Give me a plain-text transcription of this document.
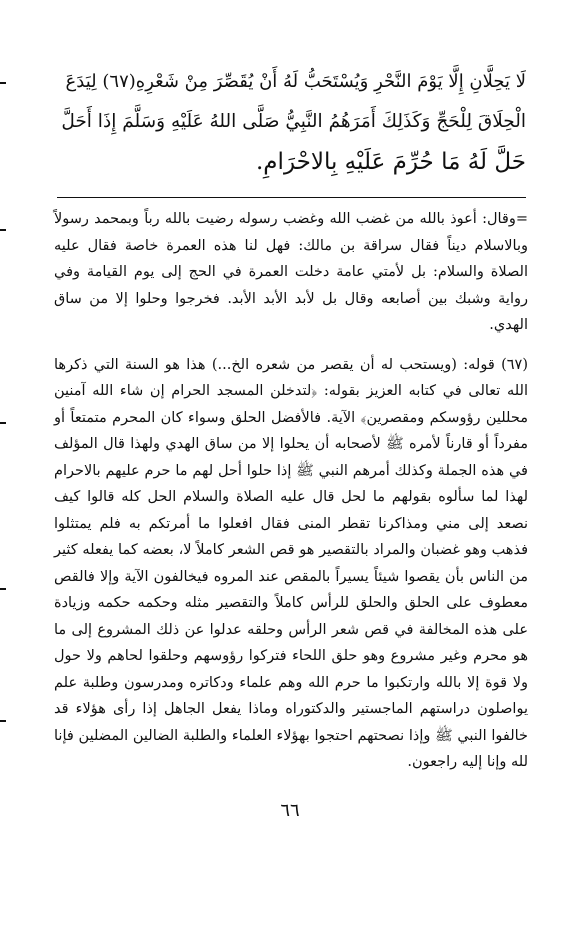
لَا يَحِلَّانِ إِلَّا يَوْمَ النَّحْرِ وَيُسْتَحَبُّ لَهُ أَنْ يُقَصِّرَ مِنْ شَعْرِهِ(٦٧) لِيَدَعَ
الْحِلَاقَ لِلْحَجِّ وَكَذَلِكَ أَمَرَهُمُ النَّبِيُّ صَلَّى اللهُ عَلَيْهِ وَسَلَّمَ إِذَا أَحَلَّ
حَلَّ لَهُ مَا حُرِّمَ عَلَيْهِ بِالاحْرَامِ.

=وقال: أعوذ بالله من غضب الله وغضب رسوله رضيت بالله رباً وبمحمد رسولاً وبالاسلام ديناً فقال سراقة بن مالك: فهل لنا هذه العمرة خاصة فقال عليه الصلاة والسلام: بل لأمتي عامة دخلت العمرة في الحج إلى يوم القيامة وفي رواية وشبك بين أصابعه وقال بل لأبد الأبد الأبد. فخرجوا وحلوا إلا من ساق الهدي.

(٦٧) قوله: (ويستحب له أن يقصر من شعره الخ...) هذا هو السنة التي ذكرها الله تعالى في كتابه العزيز بقوله: ﴿لتدخلن المسجد الحرام إن شاء الله آمنين محللين رؤوسكم ومقصرين﴾ الآية. فالأفضل الحلق وسواء كان المحرم متمتعاً أو مفرداً أو قارناً لأمره ﷺ لأصحابه أن يحلوا إلا من ساق الهدي ولهذا قال المؤلف في هذه الجملة وكذلك أمرهم النبي ﷺ إذا حلوا أحل لهم ما حرم عليهم بالاحرام لهذا لما سألوه بقولهم ما لحل قال عليه الصلاة والسلام الحل كله قالوا كيف نصعد إلى مني ومذاكرنا تقطر المنى فقال افعلوا ما أمرتكم به فلم يمتثلوا فذهب وهو غضبان والمراد بالتقصير هو قص الشعر كاملاً لا، بعضه كما يفعله كثير من الناس بأن يقصوا شيئاً يسيراً بالمقص عند المروه فيخالفون الآية وإلا فالقص معطوف على الحلق والحلق للرأس كاملاً والتقصير مثله وحكمه حكمه وزيادة على هذه المخالفة في قص شعر الرأس وحلقه عدلوا عن ذلك المشروع إلى ما هو محرم وغير مشروع وهو حلق اللحاء فتركوا رؤوسهم وحلقوا لحاهم ولا حول ولا قوة إلا بالله وارتكبوا ما حرم الله وهم علماء ودكاتره ومدرسون وطلبة علم يواصلون دراستهم الماجستير والدكتوراه وماذا يفعل الجاهل إذا رأى هؤلاء قد خالفوا النبي ﷺ وإذا نصحتهم احتجوا بهؤلاء العلماء والطلبة الضالين المضلين فإنا لله وإنا إليه راجعون.

٦٦
